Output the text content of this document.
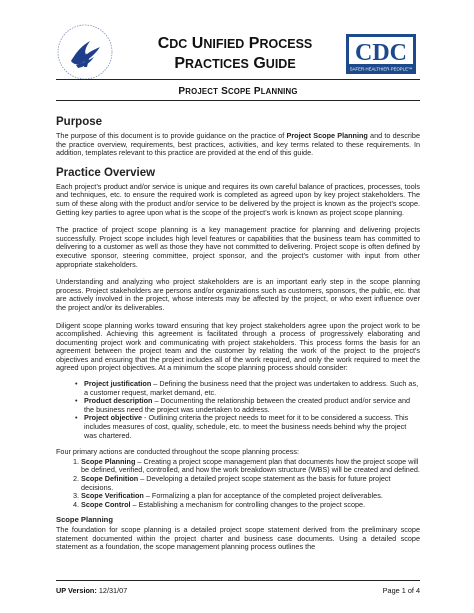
CDC UNIFIED PROCESS
PRACTICES GUIDE	CDC
SAFER·HEALTHIER·PEOPLE™
PROJECT SCOPE PLANNING
Purpose

The purpose of this document is to provide guidance on the practice of Project Scope Planning and to describe the practice overview, requirements, best practices, activities, and key terms related to these requirements. In addition, templates relevant to this practice are provided at the end of this guide.

Practice Overview

Each project’s product and/or service is unique and requires its own careful balance of practices, processes, tools and techniques, etc. to ensure the required work is completed as agreed upon by key project stakeholders. The sum of these along with the product and/or service to be delivered by the project is known as the project’s scope. Getting key parties to agree upon what is the scope of the project’s work is known as project scope planning.

The practice of project scope planning is a key management practice for planning and delivering projects successfully. Project scope includes high level features or capabilities that the business team has committed to delivering to a customer as well as those they have not committed to delivering. Project scope is often defined by executive sponsor, steering committee, project sponsor, and the project’s customer with input from other appropriate stakeholders.

Understanding and analyzing who project stakeholders are is an important early step in the scope planning process. Project stakeholders are persons and/or organizations such as customers, sponsors, the public, etc. that are actively involved in the project, whose interests may be affected by the project, or who exert influence over the project and/or its deliverables.

Diligent scope planning works toward ensuring that key project stakeholders agree upon the project work to be accomplished. Achieving this agreement is facilitated through a process of progressively elaborating and documenting project work and communicating with project stakeholders. This process forms the basis for an agreement between the project team and the customer by relating the work of the project to the project's objectives and ensuring that the project includes all of the work required, and only the work required to meet the agreed upon project objectives. At a minimum the scope planning process should consider:

• Project justification – Defining the business need that the project was undertaken to address. Such as, a customer request, market demand, etc.
• Product description – Documenting the relationship between the created product and/or service and the business need the project was undertaken to address.
• Project objective - Outlining criteria the project needs to meet for it to be considered a success. This includes measures of cost, quality, schedule, etc. to meet the business needs behind why the project was chartered.

Four primary actions are conducted throughout the scope planning process:

1. Scope Planning – Creating a project scope management plan that documents how the project scope will be defined, verified, controlled, and how the work breakdown structure (WBS) will be created and defined.
2. Scope Definition – Developing a detailed project scope statement as the basis for future project decisions.
3. Scope Verification – Formalizing a plan for acceptance of the completed project deliverables.
4. Scope Control – Establishing a mechanism for controlling changes to the project scope.
Scope Planning

The foundation for scope planning is a detailed project scope statement derived from the preliminary scope statement documented within the project charter and business case documents. Using a detailed scope statement as a foundation, the scope management planning process outlines the

UP Version: 12/31/07	Page 1 of 4
